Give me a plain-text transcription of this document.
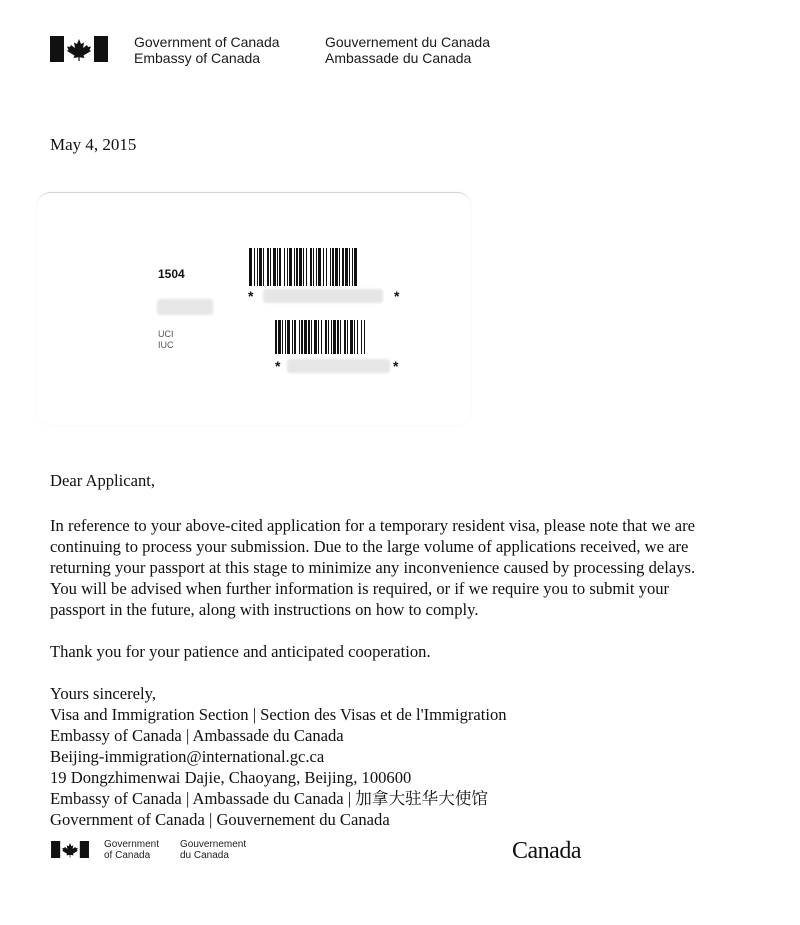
Government of Canada
Embassy of Canada
Gouvernement du Canada
Ambassade du Canada
May 4, 2015
1504
UCI
IUC
*	*
*	*
Dear Applicant,
In reference to your above-cited application for a temporary resident visa, please note that we are
continuing to process your submission. Due to the large volume of applications received, we are
returning your passport at this stage to minimize any inconvenience caused by processing delays.
You will be advised when further information is required, or if we require you to submit your
passport in the future, along with instructions on how to comply.
Thank you for your patience and anticipated cooperation.
Yours sincerely,
Visa and Immigration Section | Section des Visas et de l'Immigration
Embassy of Canada | Ambassade du Canada
Beijing-immigration@international.gc.ca
19 Dongzhimenwai Dajie, Chaoyang, Beijing, 100600
Embassy of Canada | Ambassade du Canada | 加拿大驻华大使馆
Government of Canada | Gouvernement du Canada
Government
of Canada
Gouvernement
du Canada	Canada
